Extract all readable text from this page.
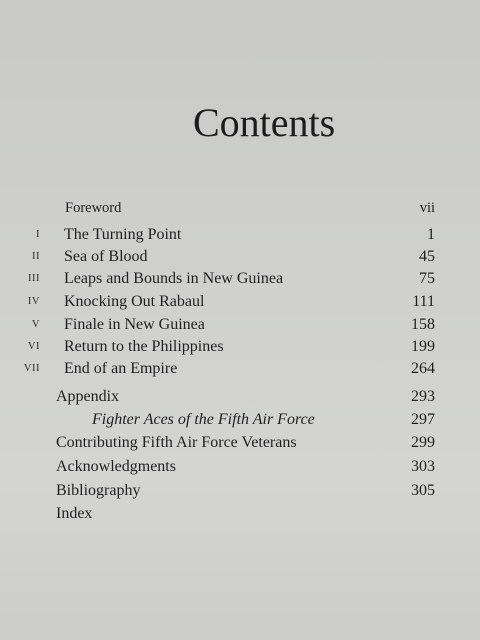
Contents
Foreword	vii
I The Turning Point	1
II Sea of Blood	45
III Leaps and Bounds in New Guinea	75
IV Knocking Out Rabaul	111
V Finale in New Guinea	158
VI Return to the Philippines	199
VII End of an Empire	264
Appendix	293
Fighter Aces of the Fifth Air Force	297
Contributing Fifth Air Force Veterans	299
Acknowledgments	303
Bibliography	305
Index
